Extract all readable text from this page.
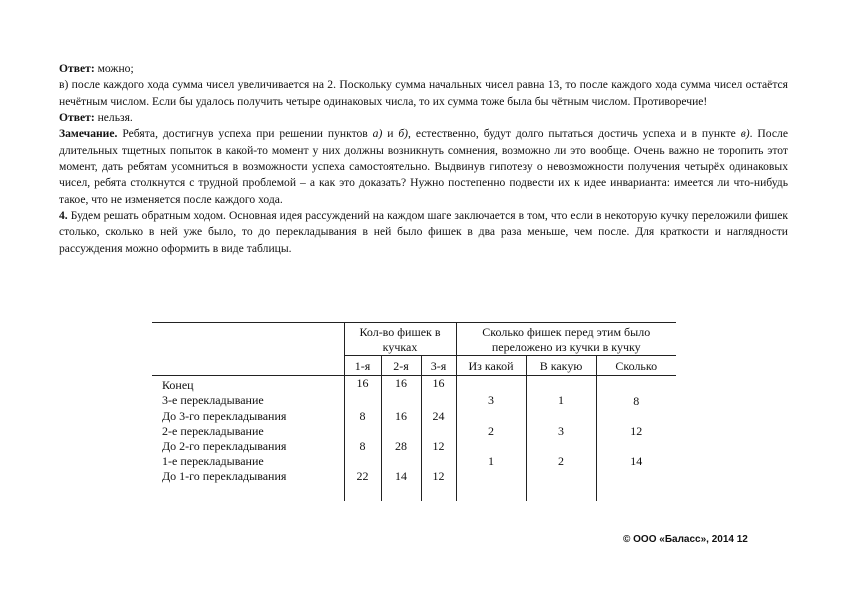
Ответ: можно;

в) после каждого хода сумма чисел увеличивается на 2. Поскольку сумма начальных чисел равна 13, то после каждого хода сумма чисел остаётся нечётным числом. Если бы удалось получить четыре одинаковых числа, то их сумма тоже была бы чётным числом. Противоречие!

Ответ: нельзя.

Замечание. Ребята, достигнув успеха при решении пунктов а) и б), естественно, будут долго пытаться достичь успеха и в пункте в). После длительных тщетных попыток в какой-то момент у них должны возникнуть сомнения, возможно ли это вообще. Очень важно не торопить этот момент, дать ребятам усомниться в возможности успеха самостоятельно. Выдвинув гипотезу о невозможности получения четырёх одинаковых чисел, ребята столкнутся с трудной проблемой – а как это доказать? Нужно постепенно подвести их к идее инварианта: имеется ли что-нибудь такое, что не изменяется после каждого хода.

4. Будем решать обратным ходом. Основная идея рассуждений на каждом шаге заключается в том, что если в некоторую кучку переложили фишек столько, сколько в ней уже было, то до перекладывания в ней было фишек в два раза меньше, чем после. Для краткости и наглядности рассуждения можно оформить в виде таблицы.

	Кол-во фишек в кучках			Сколько фишек перед этим было переложено из кучки в кучку		
	1-я	2-я	3-я	Из какой	В какую	Сколько
Конец	16	16	16			
3-е перекладывание				3	1	8
До 3-го перекладывания	8	16	24			
2-е перекладывание				2	3	12
До 2-го перекладывания	8	28	12			
1-е перекладывание				1	2	14
До 1-го перекладывания	22	14	12			

© ООО «Баласс», 2014 12
